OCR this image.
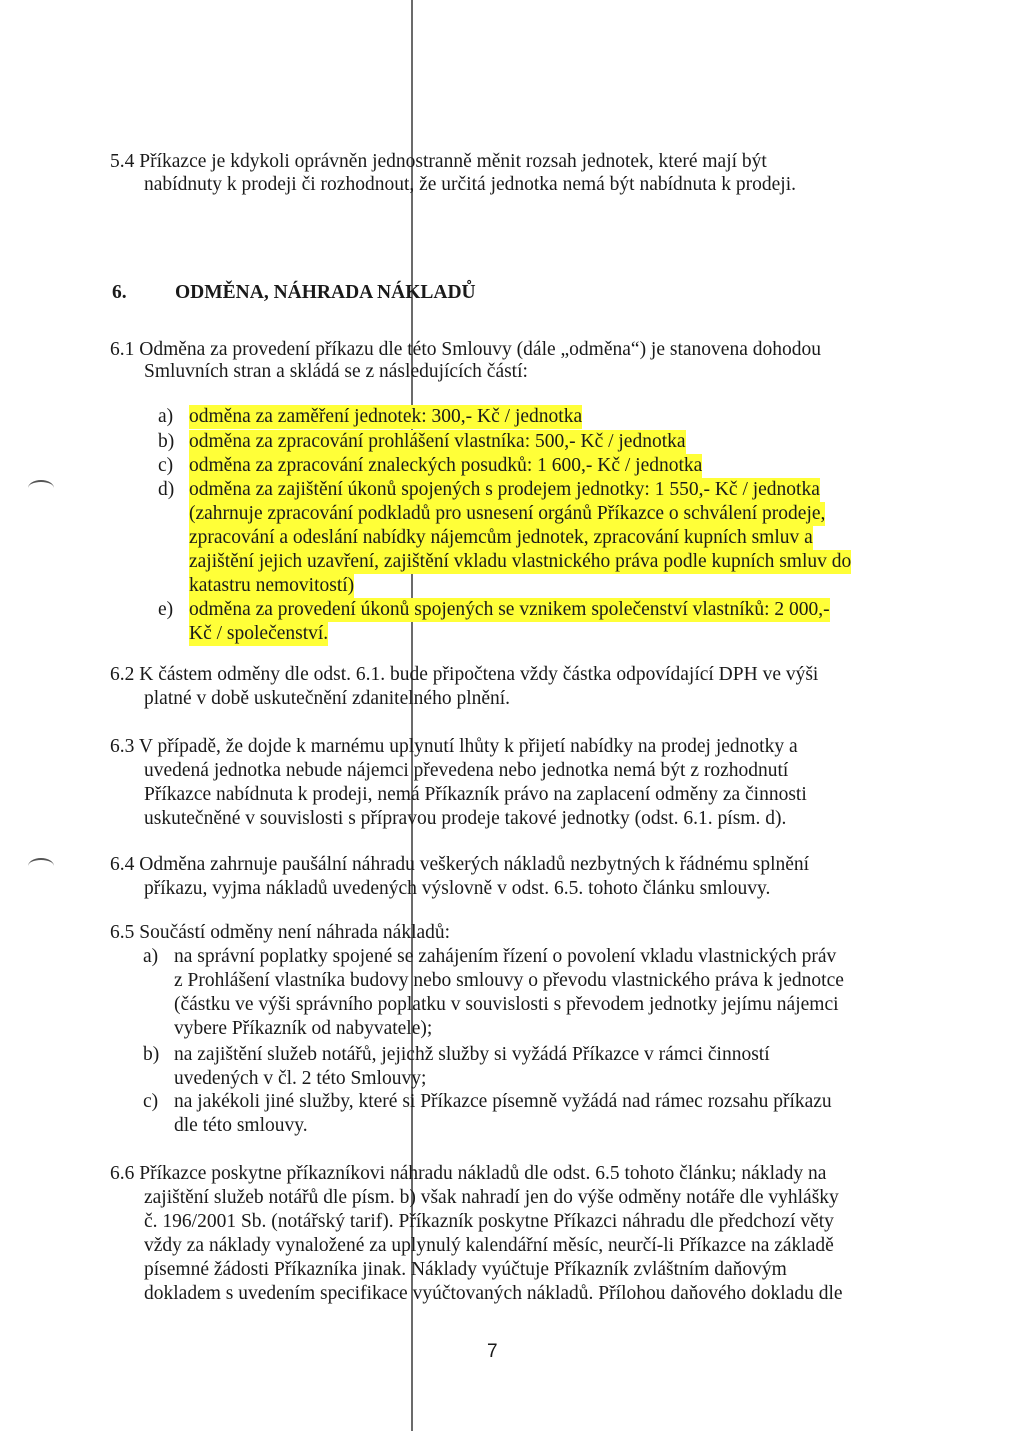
5.4 Příkazce je kdykoli oprávněn jednostranně měnit rozsah jednotek, které mají být
nabídnuty k prodeji či rozhodnout, že určitá jednotka nemá být nabídnuta k prodeji.
6. ODMĚNA, NÁHRADA NÁKLADŮ
6.1 Odměna za provedení příkazu dle této Smlouvy (dále „odměna“) je stanovena dohodou
Smluvních stran a skládá se z následujících částí:
a) odměna za zaměření jednotek: 300,- Kč / jednotka
b) odměna za zpracování prohlášení vlastníka: 500,- Kč / jednotka
c) odměna za zpracování znaleckých posudků: 1 600,- Kč / jednotka
d) odměna za zajištění úkonů spojených s prodejem jednotky: 1 550,- Kč / jednotka
(zahrnuje zpracování podkladů pro usnesení orgánů Příkazce o schválení prodeje,
zpracování a odeslání nabídky nájemcům jednotek, zpracování kupních smluv a
zajištění jejich uzavření, zajištění vkladu vlastnického práva podle kupních smluv do
katastru nemovitostí)
e) odměna za provedení úkonů spojených se vznikem společenství vlastníků: 2 000,-
Kč / společenství.
6.2 K částem odměny dle odst. 6.1. bude připočtena vždy částka odpovídající DPH ve výši
platné v době uskutečnění zdanitelného plnění.
6.3 V případě, že dojde k marnému uplynutí lhůty k přijetí nabídky na prodej jednotky a
uvedená jednotka nebude nájemci převedena nebo jednotka nemá být z rozhodnutí
Příkazce nabídnuta k prodeji, nemá Příkazník právo na zaplacení odměny za činnosti
uskutečněné v souvislosti s přípravou prodeje takové jednotky (odst. 6.1. písm. d).
6.4 Odměna zahrnuje paušální náhradu veškerých nákladů nezbytných k řádnému splnění
příkazu, vyjma nákladů uvedených výslovně v odst. 6.5. tohoto článku smlouvy.
6.5 Součástí odměny není náhrada nákladů:
a) na správní poplatky spojené se zahájením řízení o povolení vkladu vlastnických práv
z Prohlášení vlastníka budovy nebo smlouvy o převodu vlastnického práva k jednotce
(částku ve výši správního poplatku v souvislosti s převodem jednotky jejímu nájemci
vybere Příkazník od nabyvatele);
b) na zajištění služeb notářů, jejichž služby si vyžádá Příkazce v rámci činností
uvedených v čl. 2 této Smlouvy;
c) na jakékoli jiné služby, které si Příkazce písemně vyžádá nad rámec rozsahu příkazu
dle této smlouvy.
6.6 Příkazce poskytne příkazníkovi náhradu nákladů dle odst. 6.5 tohoto článku; náklady na
zajištění služeb notářů dle písm. b) však nahradí jen do výše odměny notáře dle vyhlášky
č. 196/2001 Sb. (notářský tarif). Příkazník poskytne Příkazci náhradu dle předchozí věty
vždy za náklady vynaložené za uplynulý kalendářní měsíc, neurčí-li Příkazce na základě
písemné žádosti Příkazníka jinak. Náklady vyúčtuje Příkazník zvláštním daňovým
dokladem s uvedením specifikace vyúčtovaných nákladů. Přílohou daňového dokladu dle
7
